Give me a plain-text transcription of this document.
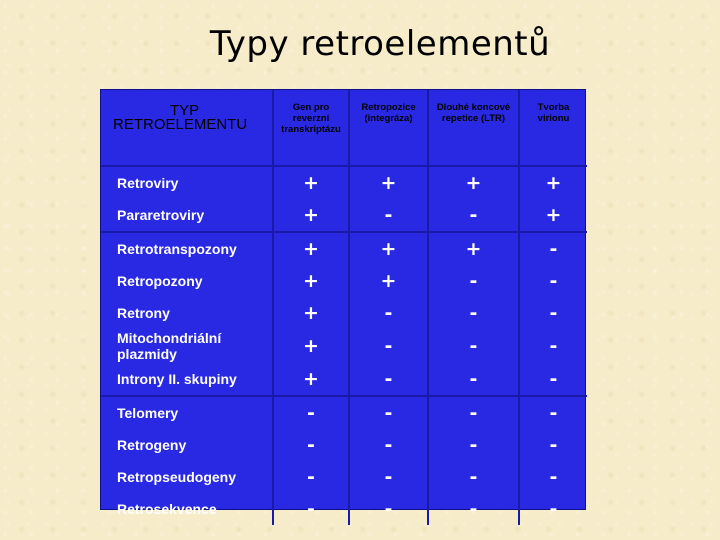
Typy retroelementů
TYP
RETROELEMENTU	Gen pro reverzní transkriptázu	Retropozice (integráza)	Dlouhé koncové repetice (LTR)	Tvorba virionu
Retroviry	+	+	+	+
Pararetroviry	+	-	-	+
Retrotranspozony	+	+	+	-
Retropozony	+	+	-	-
Retrony	+	-	-	-
Mitochondriální plazmidy	+	-	-	-
Introny II. skupiny	+	-	-	-
Telomery	-	-	-	-
Retrogeny	-	-	-	-
Retropseudogeny	-	-	-	-
Retrosekvence	-	-	-	-
